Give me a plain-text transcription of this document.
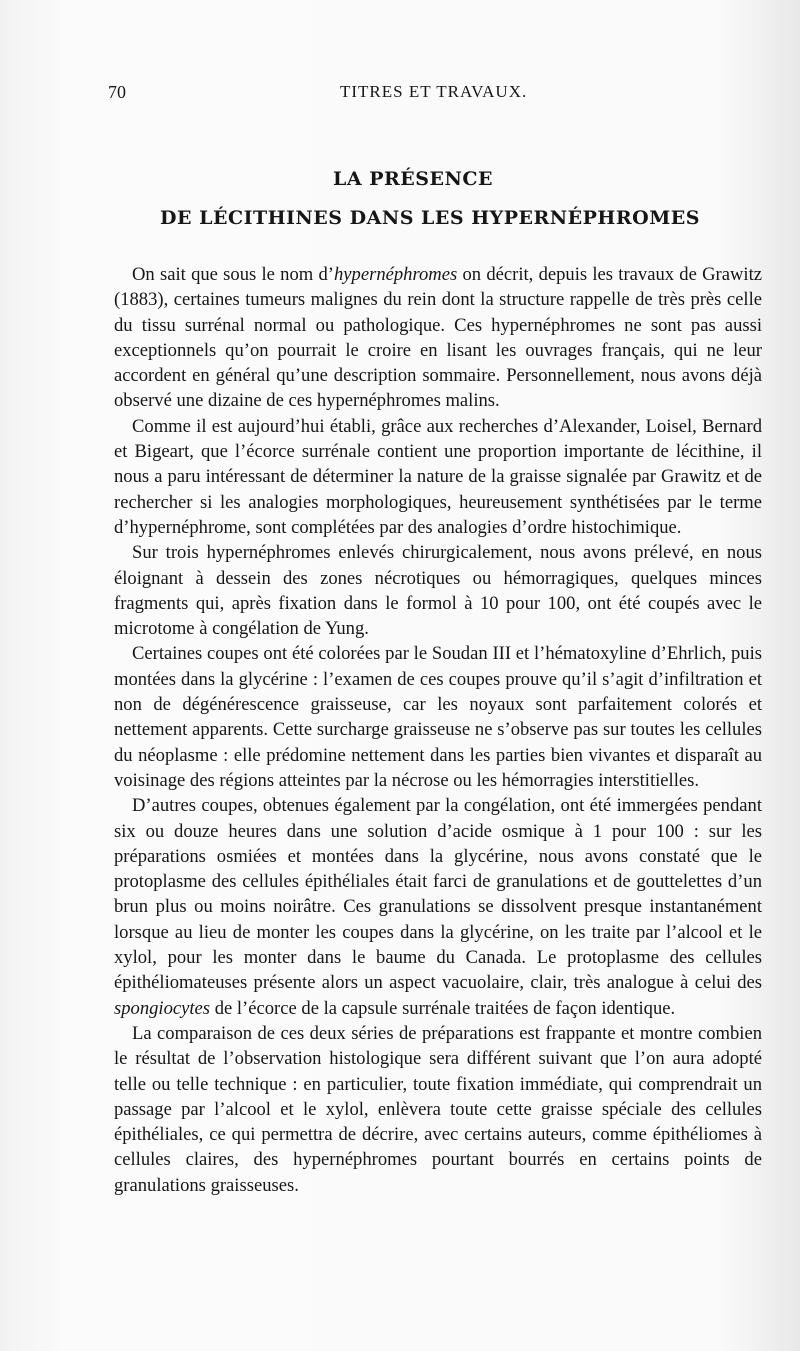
70	TITRES ET TRAVAUX.
LA PRÉSENCE
DE LÉCITHINES DANS LES HYPERNÉPHROMES

On sait que sous le nom d’hypernéphromes on décrit, depuis les travaux de Grawitz (1883), certaines tumeurs malignes du rein dont la structure rappelle de très près celle du tissu surrénal normal ou pathologique. Ces hypernéphromes ne sont pas aussi exceptionnels qu’on pourrait le croire en lisant les ouvrages français, qui ne leur accordent en général qu’une description sommaire. Personnellement, nous avons déjà observé une dizaine de ces hypernéphromes malins.

Comme il est aujourd’hui établi, grâce aux recherches d’Alexander, Loisel, Bernard et Bigeart, que l’écorce surrénale contient une proportion importante de lécithine, il nous a paru intéressant de déterminer la nature de la graisse signalée par Grawitz et de rechercher si les analogies morphologiques, heureusement synthétisées par le terme d’hypernéphrome, sont complétées par des analogies d’ordre histochimique.

Sur trois hypernéphromes enlevés chirurgicalement, nous avons prélevé, en nous éloignant à dessein des zones nécrotiques ou hémorragiques, quelques minces fragments qui, après fixation dans le formol à 10 pour 100, ont été coupés avec le microtome à congélation de Yung.

Certaines coupes ont été colorées par le Soudan III et l’hématoxyline d’Ehrlich, puis montées dans la glycérine : l’examen de ces coupes prouve qu’il s’agit d’infiltration et non de dégénérescence graisseuse, car les noyaux sont parfaitement colorés et nettement apparents. Cette surcharge graisseuse ne s’observe pas sur toutes les cellules du néoplasme : elle prédomine nettement dans les parties bien vivantes et disparaît au voisinage des régions atteintes par la nécrose ou les hémorragies interstitielles.

D’autres coupes, obtenues également par la congélation, ont été immergées pendant six ou douze heures dans une solution d’acide osmique à 1 pour 100 : sur les préparations osmiées et montées dans la glycérine, nous avons constaté que le protoplasme des cellules épithéliales était farci de granulations et de gouttelettes d’un brun plus ou moins noirâtre. Ces granulations se dissolvent presque instantanément lorsque au lieu de monter les coupes dans la glycérine, on les traite par l’alcool et le xylol, pour les monter dans le baume du Canada. Le protoplasme des cellules épithéliomateuses présente alors un aspect vacuolaire, clair, très analogue à celui des spongiocytes de l’écorce de la capsule surrénale traitées de façon identique.

La comparaison de ces deux séries de préparations est frappante et montre combien le résultat de l’observation histologique sera différent suivant que l’on aura adopté telle ou telle technique : en particulier, toute fixation immédiate, qui comprendrait un passage par l’alcool et le xylol, enlèvera toute cette graisse spéciale des cellules épithéliales, ce qui permettra de décrire, avec certains auteurs, comme épithéliomes à cellules claires, des hypernéphromes pourtant bourrés en certains points de granulations graisseuses.
